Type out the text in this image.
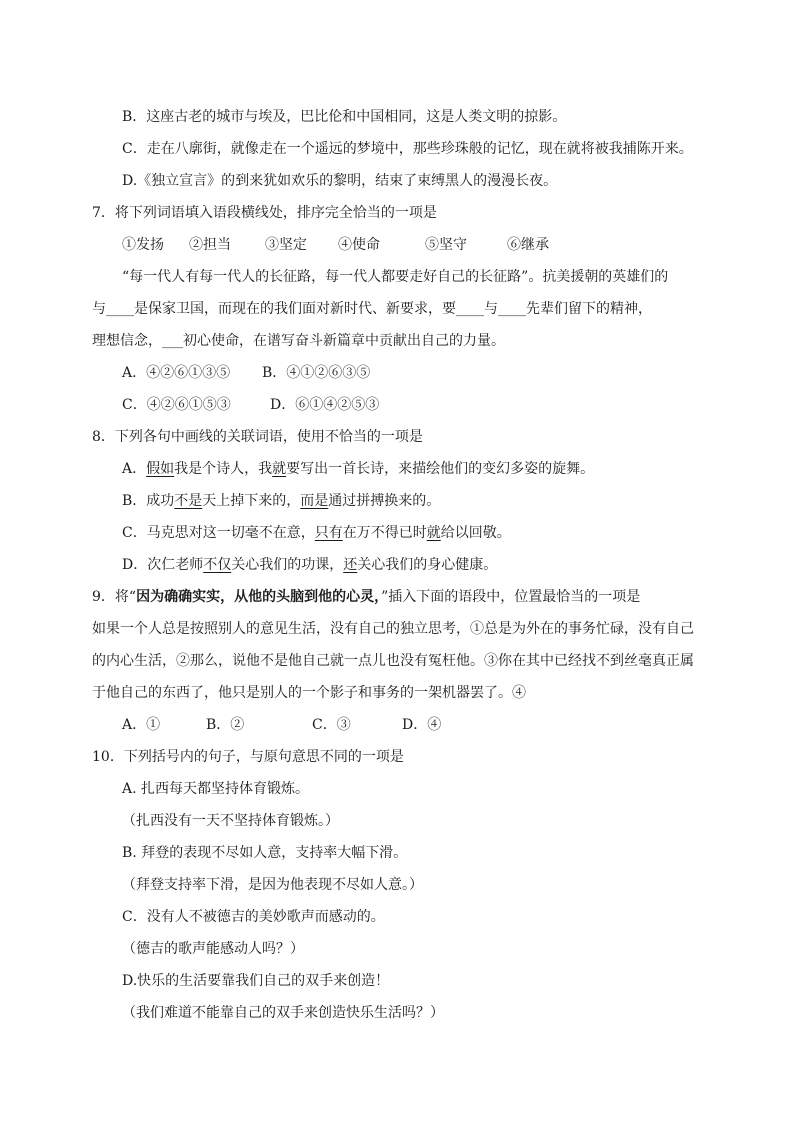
B．这座古老的城市与埃及，巴比伦和中国相同，这是人类文明的掠影。
C．走在八廓街，就像走在一个遥远的梦境中，那些珍珠般的记忆，现在就将被我捕陈开来。
D.《独立宣言》的到来犹如欢乐的黎明，结束了束缚黑人的漫漫长夜。
7．将下列词语填入语段横线处，排序完全恰当的一项是
①发扬 ②担当 ③坚定 ④使命	⑤坚守	⑥继承
“每一代人有每一代人的长征路，每一代人都要走好自己的长征路”。抗美援朝的英雄们的
与____是保家卫国，而现在的我们面对新时代、新要求，要____与____先辈们留下的精神，
理想信念，___初心使命，在谱写奋斗新篇章中贡献出自己的力量。
A．④②⑥①③⑤ B．④①②⑥③⑤
C．④②⑥①⑤③	D．⑥①④②⑤③
8．下列各句中画线的关联词语，使用不恰当的一项是
A．假如我是个诗人，我就要写出一首长诗，来描绘他们的变幻多姿的旋舞。
B．成功不是天上掉下来的，而是通过拼搏换来的。
C．马克思对这一切毫不在意，只有在万不得已时就给以回敬。
D．次仁老师不仅关心我们的功课，还关心我们的身心健康。
9．将“因为确确实实，从他的头脑到他的心灵，”插入下面的语段中，位置最恰当的一项是
如果一个人总是按照别人的意见生活，没有自己的独立思考，①总是为外在的事务忙碌，没有自己
的内心生活，②那么，说他不是他自己就一点儿也没有冤枉他。③你在其中已经找不到丝毫真正属
于他自己的东西了，他只是别人的一个影子和事务的一架机器罢了。④
A．①	B．②	C．③	D．④
10．下列括号内的句子，与原句意思不同的一项是
A. 扎西每天都坚持体育锻炼。
（扎西没有一天不坚持体育锻炼。）
B. 拜登的表现不尽如人意，支持率大幅下滑。
（拜登支持率下滑，是因为他表现不尽如人意。）
C．没有人不被德吉的美妙歌声而感动的。
（德吉的歌声能感动人吗？）
D.快乐的生活要靠我们自己的双手来创造！
（我们难道不能靠自己的双手来创造快乐生活吗？）
